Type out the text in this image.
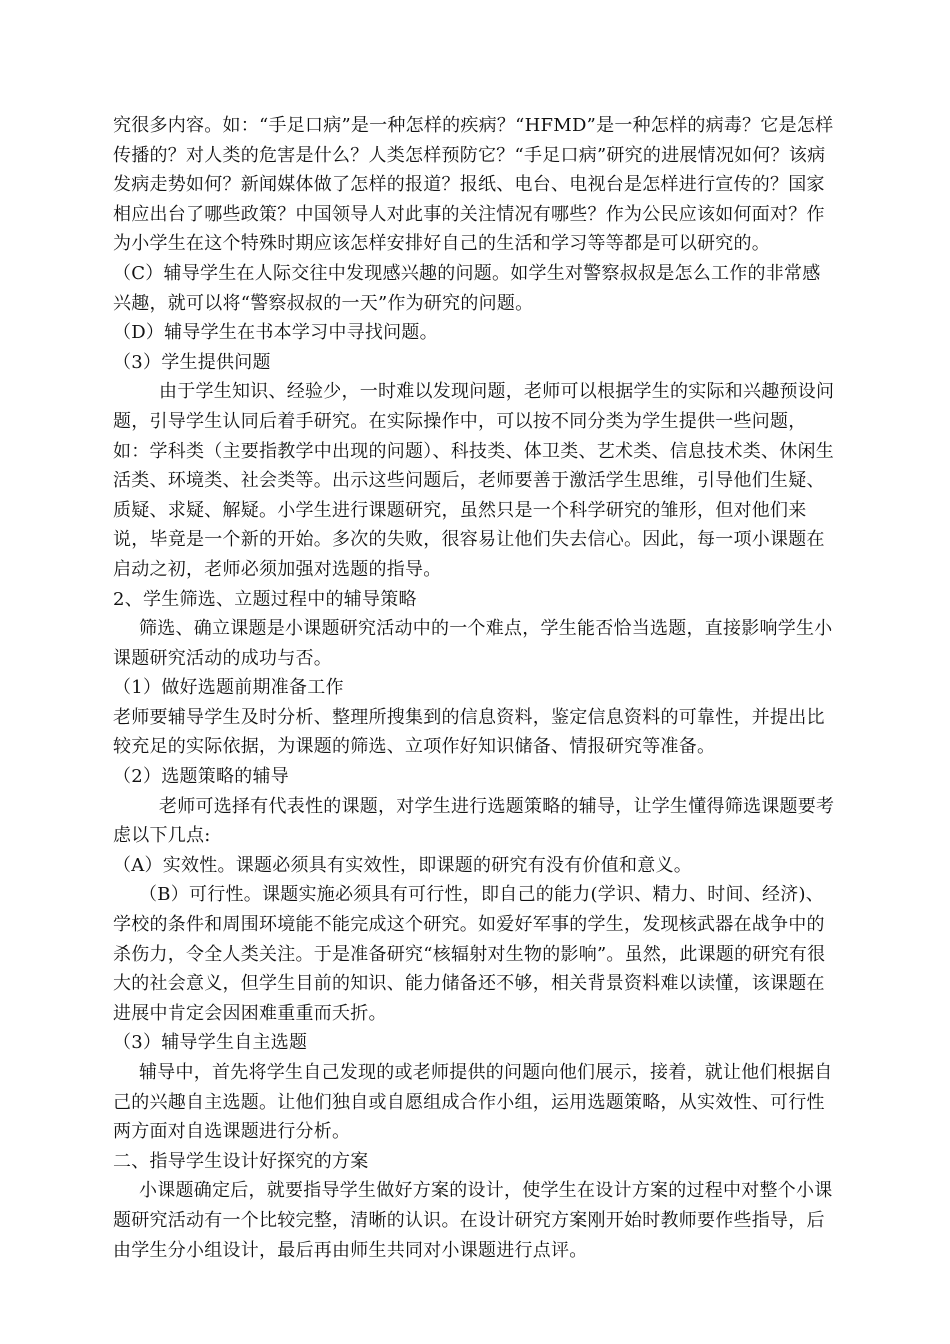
究很多内容。如：“手足口病”是一种怎样的疾病？“HFMD”是一种怎样的病毒？它是怎样传播的？对人类的危害是什么？人类怎样预防它？“手足口病”研究的进展情况如何？该病发病走势如何？新闻媒体做了怎样的报道？报纸、电台、电视台是怎样进行宣传的？国家相应出台了哪些政策？中国领导人对此事的关注情况有哪些？作为公民应该如何面对？作为小学生在这个特殊时期应该怎样安排好自己的生活和学习等等都是可以研究的。

（C）辅导学生在人际交往中发现感兴趣的问题。如学生对警察叔叔是怎么工作的非常感兴趣，就可以将“警察叔叔的一天”作为研究的问题。

（D）辅导学生在书本学习中寻找问题。

（3）学生提供问题

由于学生知识、经验少，一时难以发现问题，老师可以根据学生的实际和兴趣预设问题，引导学生认同后着手研究。在实际操作中，可以按不同分类为学生提供一些问题，如：学科类（主要指教学中出现的问题）、科技类、体卫类、艺术类、信息技术类、休闲生活类、环境类、社会类等。出示这些问题后，老师要善于激活学生思维，引导他们生疑、质疑、求疑、解疑。小学生进行课题研究，虽然只是一个科学研究的雏形，但对他们来说，毕竟是一个新的开始。多次的失败，很容易让他们失去信心。因此，每一项小课题在启动之初，老师必须加强对选题的指导。

2、学生筛选、立题过程中的辅导策略

筛选、确立课题是小课题研究活动中的一个难点，学生能否恰当选题，直接影响学生小课题研究活动的成功与否。

（1）做好选题前期准备工作

老师要辅导学生及时分析、整理所搜集到的信息资料，鉴定信息资料的可靠性，并提出比较充足的实际依据，为课题的筛选、立项作好知识储备、情报研究等准备。

（2）选题策略的辅导

老师可选择有代表性的课题，对学生进行选题策略的辅导，让学生懂得筛选课题要考虑以下几点:

（A）实效性。课题必须具有实效性，即课题的研究有没有价值和意义。

（B）可行性。课题实施必须具有可行性，即自己的能力(学识、精力、时间、经济)、学校的条件和周围环境能不能完成这个研究。如爱好军事的学生，发现核武器在战争中的杀伤力，令全人类关注。于是准备研究“核辐射对生物的影响”。虽然，此课题的研究有很大的社会意义，但学生目前的知识、能力储备还不够，相关背景资料难以读懂，该课题在进展中肯定会因困难重重而夭折。

（3）辅导学生自主选题

辅导中，首先将学生自己发现的或老师提供的问题向他们展示，接着，就让他们根据自己的兴趣自主选题。让他们独自或自愿组成合作小组，运用选题策略，从实效性、可行性两方面对自选课题进行分析。

二、指导学生设计好探究的方案

小课题确定后，就要指导学生做好方案的设计，使学生在设计方案的过程中对整个小课题研究活动有一个比较完整，清晰的认识。在设计研究方案刚开始时教师要作些指导，后由学生分小组设计，最后再由师生共同对小课题进行点评。
